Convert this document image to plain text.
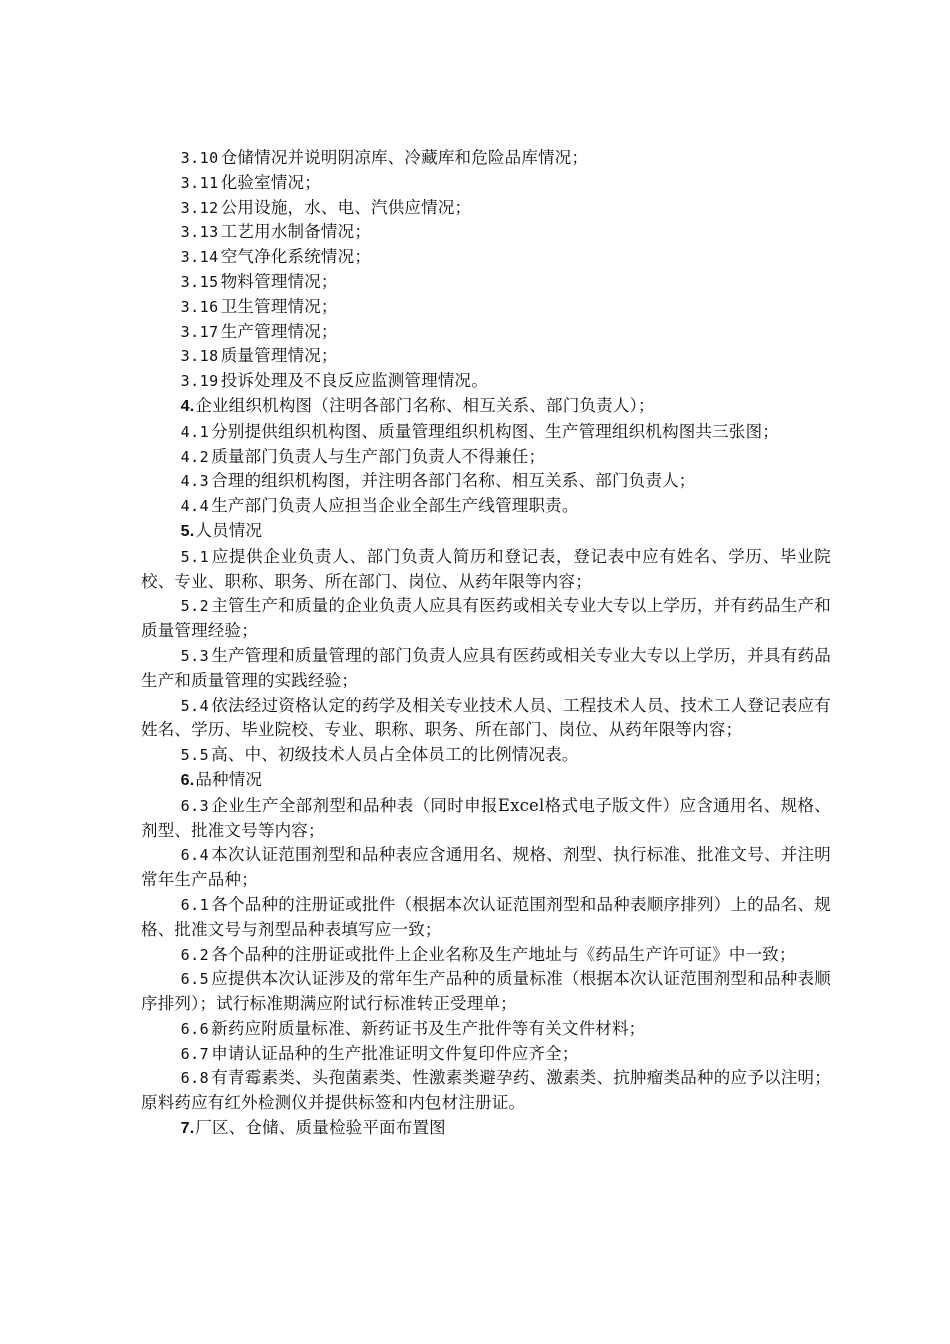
3.10 仓储情况并说明阴凉库、冷藏库和危险品库情况；

3.11 化验室情况；

3.12 公用设施，水、电、汽供应情况；

3.13 工艺用水制备情况；

3.14 空气净化系统情况；

3.15 物料管理情况；

3.16 卫生管理情况；

3.17 生产管理情况；

3.18 质量管理情况；

3.19 投诉处理及不良反应监测管理情况。

4.企业组织机构图（注明各部门名称、相互关系、部门负责人）；

4.1 分别提供组织机构图、质量管理组织机构图、生产管理组织机构图共三张图；

4.2 质量部门负责人与生产部门负责人不得兼任；

4.3 合理的组织机构图，并注明各部门名称、相互关系、部门负责人；

4.4 生产部门负责人应担当企业全部生产线管理职责。

5.人员情况

5.1 应提供企业负责人、部门负责人简历和登记表，登记表中应有姓名、学历、毕业院校、专业、职称、职务、所在部门、岗位、从药年限等内容；

5.2 主管生产和质量的企业负责人应具有医药或相关专业大专以上学历，并有药品生产和质量管理经验；

5.3 生产管理和质量管理的部门负责人应具有医药或相关专业大专以上学历，并具有药品生产和质量管理的实践经验；

5.4 依法经过资格认定的药学及相关专业技术人员、工程技术人员、技术工人登记表应有姓名、学历、毕业院校、专业、职称、职务、所在部门、岗位、从药年限等内容；

5.5 高、中、初级技术人员占全体员工的比例情况表。

6.品种情况

6.3 企业生产全部剂型和品种表（同时申报Excel格式电子版文件）应含通用名、规格、剂型、批准文号等内容；

6.4 本次认证范围剂型和品种表应含通用名、规格、剂型、执行标准、批准文号、并注明常年生产品种；

6.1 各个品种的注册证或批件（根据本次认证范围剂型和品种表顺序排列）上的品名、规格、批准文号与剂型品种表填写应一致；

6.2 各个品种的注册证或批件上企业名称及生产地址与《药品生产许可证》中一致；

6.5 应提供本次认证涉及的常年生产品种的质量标准（根据本次认证范围剂型和品种表顺序排列）；试行标准期满应附试行标准转正受理单；

6.6 新药应附质量标准、新药证书及生产批件等有关文件材料；

6.7 申请认证品种的生产批准证明文件复印件应齐全；

6.8 有青霉素类、头孢菌素类、性激素类避孕药、激素类、抗肿瘤类品种的应予以注明；原料药应有红外检测仪并提供标签和内包材注册证。

7.厂区、仓储、质量检验平面布置图
